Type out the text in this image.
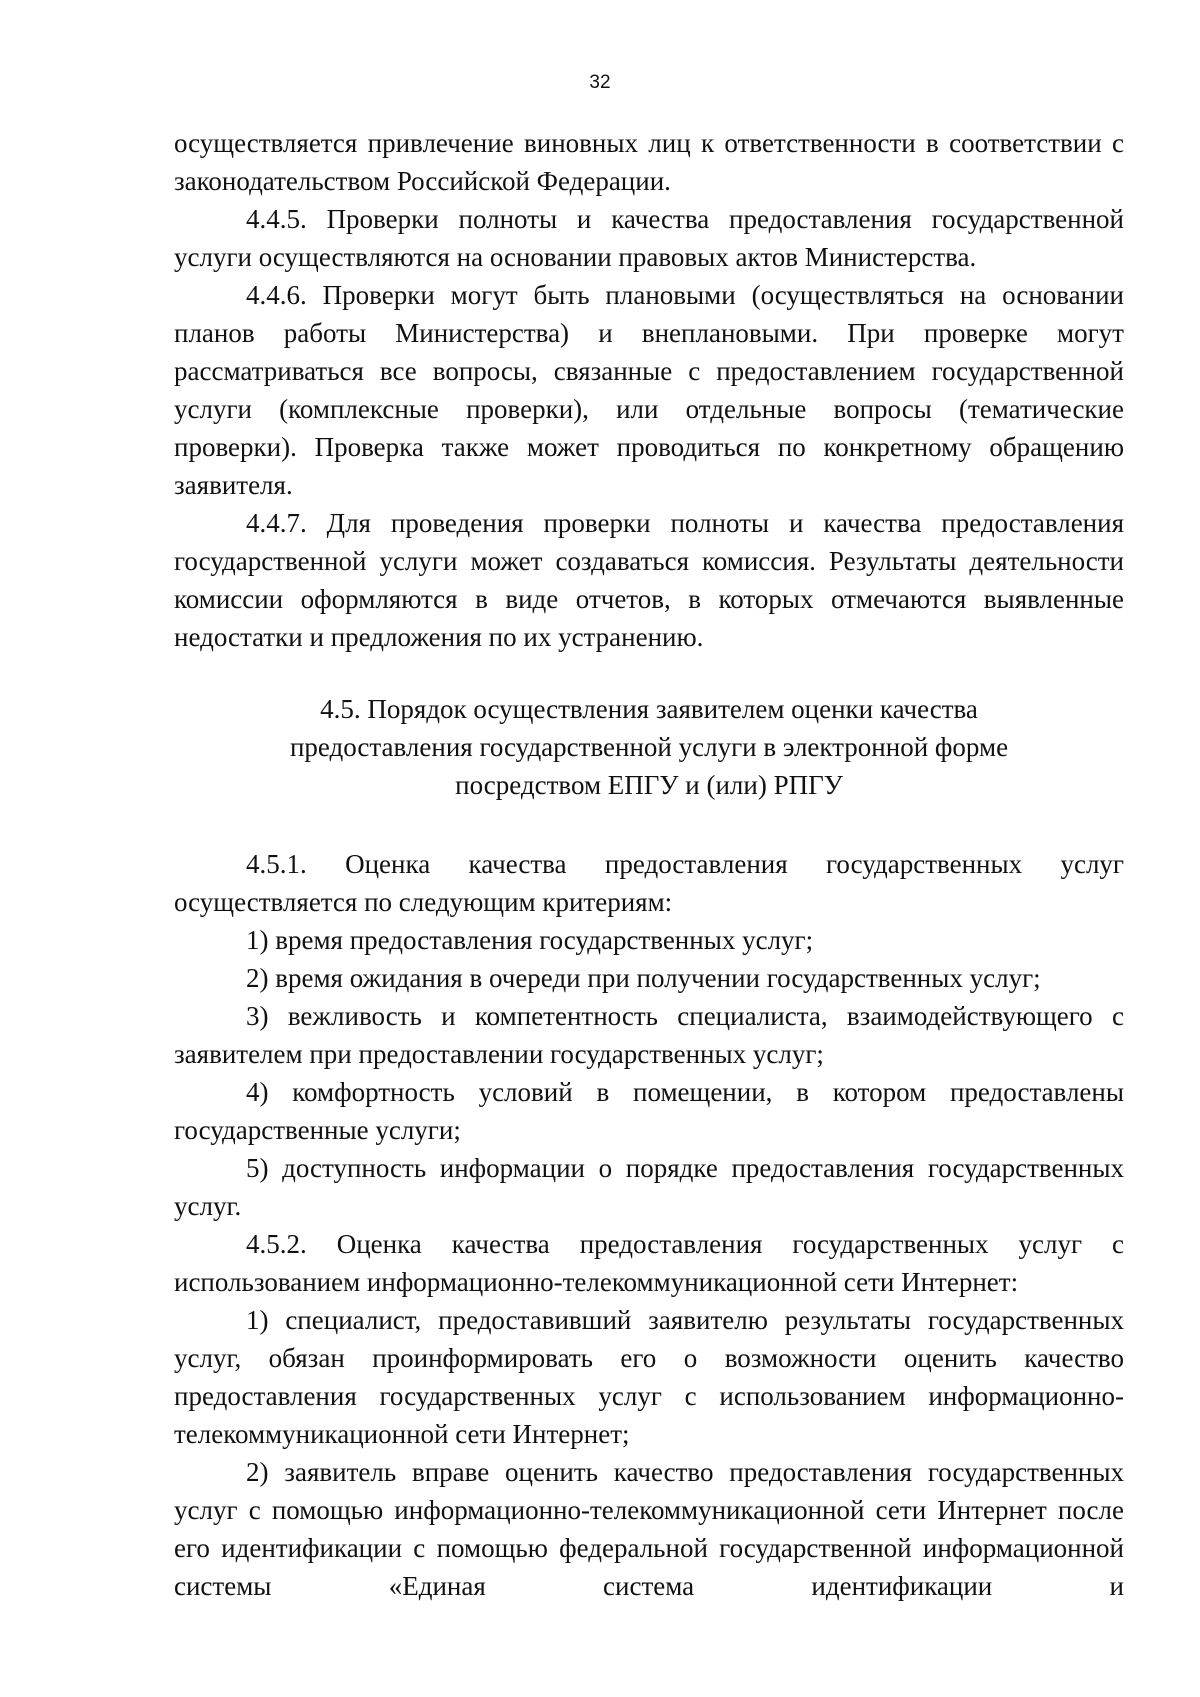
32

осуществляется привлечение виновных лиц к ответственности в соответствии с законодательством Российской Федерации.

4.4.5. Проверки полноты и качества предоставления государственной услуги осуществляются на основании правовых актов Министерства.

4.4.6. Проверки могут быть плановыми (осуществляться на основании планов работы Министерства) и внеплановыми. При проверке могут рассматриваться все вопросы, связанные с предоставлением государственной услуги (комплексные проверки), или отдельные вопросы (тематические проверки). Проверка также может проводиться по конкретному обращению заявителя.

4.4.7. Для проведения проверки полноты и качества предоставления государственной услуги может создаваться комиссия. Результаты деятельности комиссии оформляются в виде отчетов, в которых отмечаются выявленные недостатки и предложения по их устранению.

4.5. Порядок осуществления заявителем оценки качества
предоставления государственной услуги в электронной форме
посредством ЕПГУ и (или) РПГУ

4.5.1. Оценка качества предоставления государственных услуг осуществляется по следующим критериям:

1) время предоставления государственных услуг;

2) время ожидания в очереди при получении государственных услуг;

3) вежливость и компетентность специалиста, взаимодействующего с заявителем при предоставлении государственных услуг;

4) комфортность условий в помещении, в котором предоставлены государственные услуги;

5) доступность информации о порядке предоставления государственных услуг.

4.5.2. Оценка качества предоставления государственных услуг с использованием информационно-телекоммуникационной сети Интернет:

1) специалист, предоставивший заявителю результаты государственных услуг, обязан проинформировать его о возможности оценить качество предоставления государственных услуг с использованием информационно-телекоммуникационной сети Интернет;

2) заявитель вправе оценить качество предоставления государственных услуг с помощью информационно-телекоммуникационной сети Интернет после его идентификации с помощью федеральной государственной информационной системы «Единая система идентификации и
